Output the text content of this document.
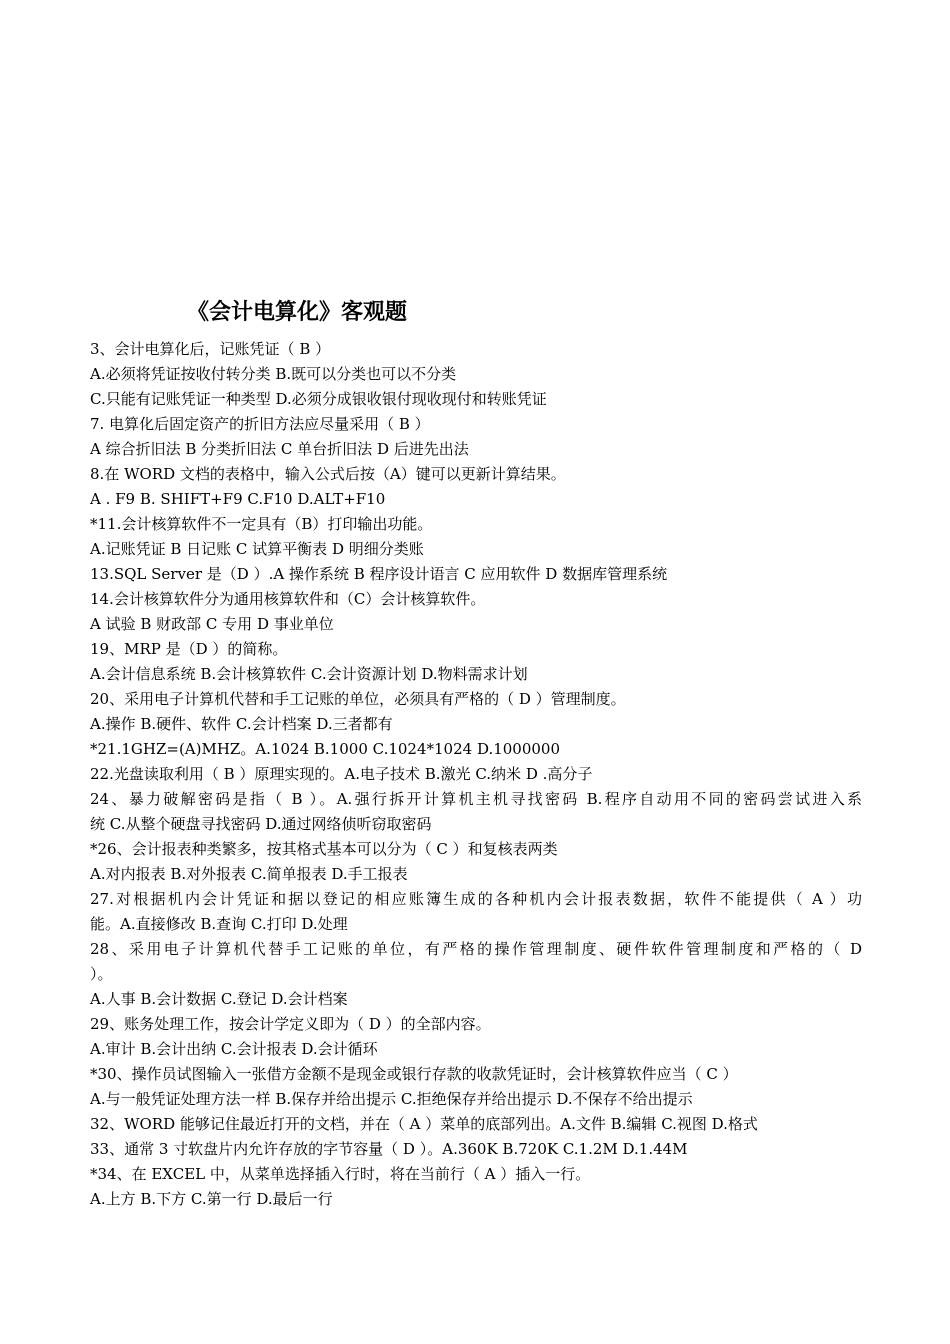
《会计电算化》客观题
3、会计电算化后，记账凭证（ B ）
A.必须将凭证按收付转分类 B.既可以分类也可以不分类
C.只能有记账凭证一种类型 D.必须分成银收银付现收现付和转账凭证
7. 电算化后固定资产的折旧方法应尽量采用（ B ）
A 综合折旧法 B 分类折旧法 C 单台折旧法 D 后进先出法
8.在 WORD 文档的表格中，输入公式后按（A）键可以更新计算结果。
A . F9 B. SHIFT+F9 C.F10 D.ALT+F10
*11.会计核算软件不一定具有（B）打印输出功能。
A.记账凭证 B 日记账 C 试算平衡表 D 明细分类账
13.SQL Server 是（D ）.A 操作系统 B 程序设计语言 C 应用软件 D 数据库管理系统
14.会计核算软件分为通用核算软件和（C）会计核算软件。
A 试验 B 财政部 C 专用 D 事业单位
19、MRP 是（D ）的简称。
A.会计信息系统 B.会计核算软件 C.会计资源计划 D.物料需求计划
20、采用电子计算机代替和手工记账的单位，必须具有严格的（ D ）管理制度。
A.操作 B.硬件、软件 C.会计档案 D.三者都有
*21.1GHZ=(A)MHZ。A.1024 B.1000 C.1024*1024 D.1000000
22.光盘读取利用（ B ）原理实现的。A.电子技术 B.激光 C.纳米 D .高分子
24、暴力破解密码是指（ B ）。A.强行拆开计算机主机寻找密码 B.程序自动用不同的密码尝试进入系
统 C.从整个硬盘寻找密码 D.通过网络侦听窃取密码
*26、会计报表种类繁多，按其格式基本可以分为（ C ）和复核表两类
A.对内报表 B.对外报表 C.简单报表 D.手工报表
27.对根据机内会计凭证和据以登记的相应账簿生成的各种机内会计报表数据，软件不能提供（ A ）功
能。A.直接修改 B.查询 C.打印 D.处理
28、采用电子计算机代替手工记账的单位，有严格的操作管理制度、硬件软件管理制度和严格的（ D
）。
A.人事 B.会计数据 C.登记 D.会计档案
29、账务处理工作，按会计学定义即为（ D ）的全部内容。
A.审计 B.会计出纳 C.会计报表 D.会计循环
*30、操作员试图输入一张借方金额不是现金或银行存款的收款凭证时，会计核算软件应当（ C ）
A.与一般凭证处理方法一样 B.保存并给出提示 C.拒绝保存并给出提示 D.不保存不给出提示
32、WORD 能够记住最近打开的文档，并在（ A ）菜单的底部列出。A.文件 B.编辑 C.视图 D.格式
33、通常 3 寸软盘片内允许存放的字节容量（ D ）。A.360K B.720K C.1.2M D.1.44M
*34、在 EXCEL 中，从菜单选择插入行时，将在当前行（ A ）插入一行。
A.上方 B.下方 C.第一行 D.最后一行
